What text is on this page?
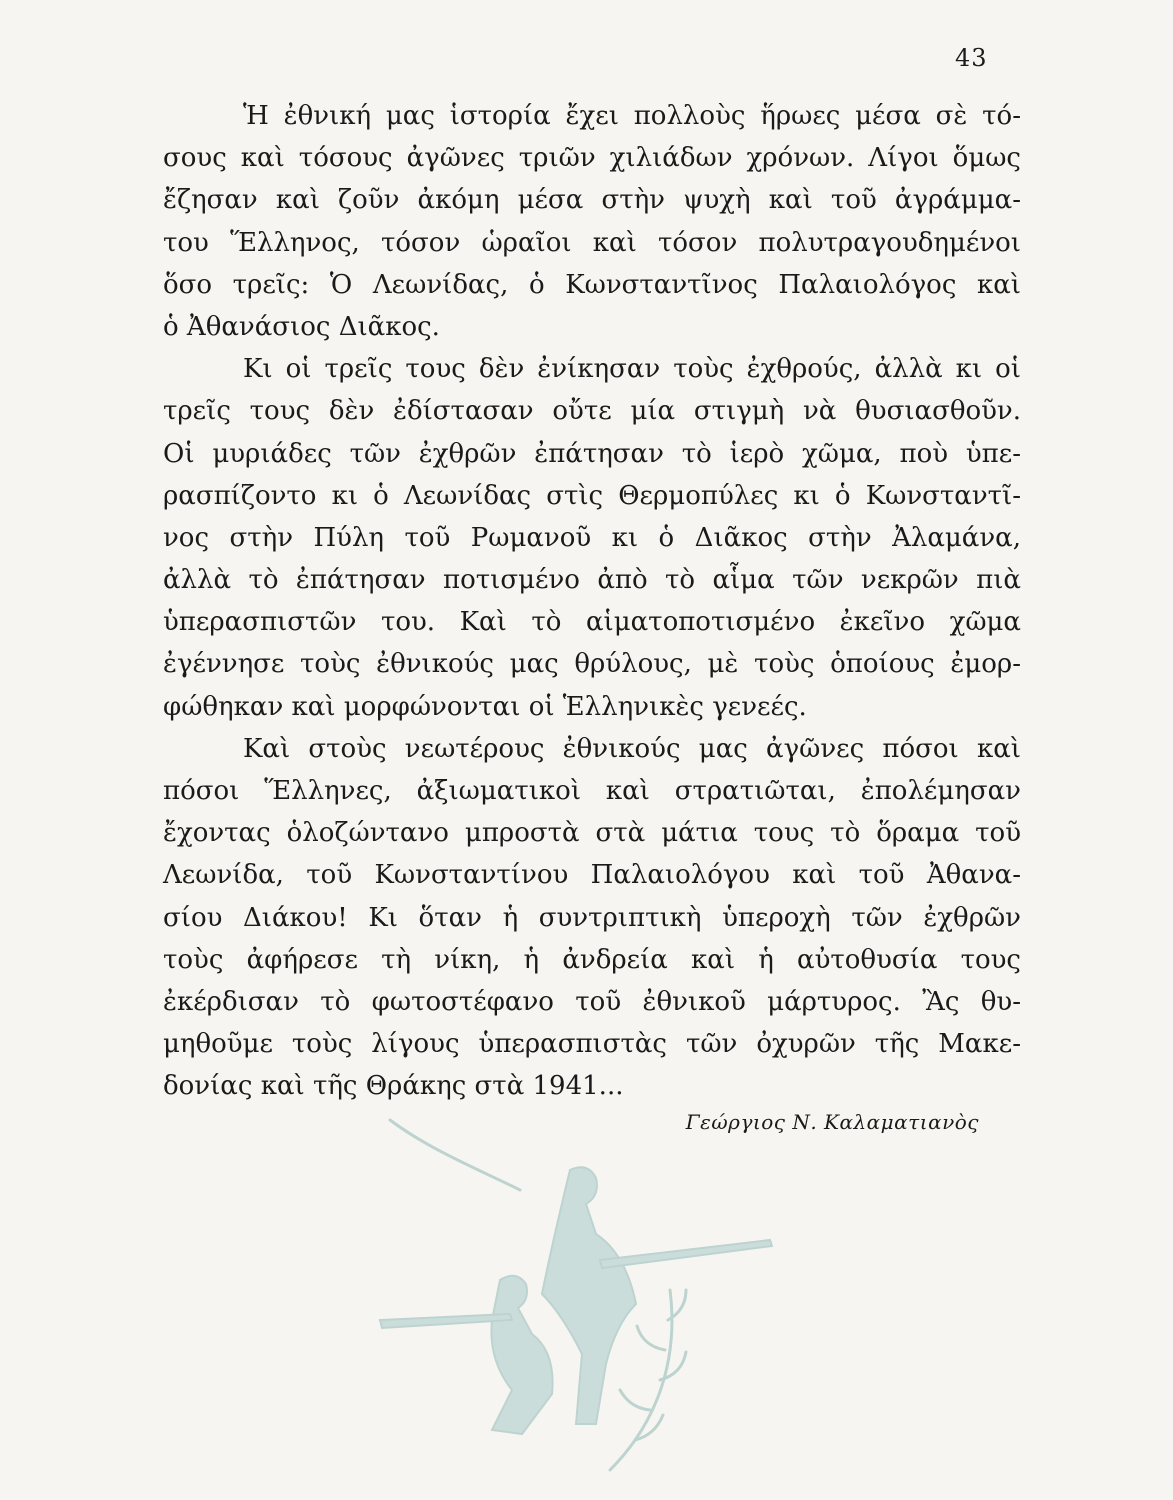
43
Ἡ ἐθνική μας ἱστορία ἔχει πολλοὺς ἥρωες μέσα σὲ τό-
σους καὶ τόσους ἀγῶνες τριῶν χιλιάδων χρόνων. Λίγοι ὅμως
ἔζησαν καὶ ζοῦν ἀκόμη μέσα στὴν ψυχὴ καὶ τοῦ ἀγράμμα-
του Ἕλληνος, τόσον ὡραῖοι καὶ τόσον πολυτραγουδημένοι
ὅσο τρεῖς: Ὁ Λεωνίδας, ὁ Κωνσταντῖνος Παλαιολόγος καὶ
ὁ Ἀθανάσιος Διᾶκος.
Κι οἱ τρεῖς τους δὲν ἐνίκησαν τοὺς ἐχθρούς, ἀλλὰ κι οἱ
τρεῖς τους δὲν ἐδίστασαν οὔτε μία στιγμὴ νὰ θυσιασθοῦν.
Οἱ μυριάδες τῶν ἐχθρῶν ἐπάτησαν τὸ ἱερὸ χῶμα, ποὺ ὑπε-
ρασπίζοντο κι ὁ Λεωνίδας στὶς Θερμοπύλες κι ὁ Κωνσταντῖ-
νος στὴν Πύλη τοῦ Ρωμανοῦ κι ὁ Διᾶκος στὴν Ἀλαμάνα,
ἀλλὰ τὸ ἐπάτησαν ποτισμένο ἀπὸ τὸ αἷμα τῶν νεκρῶν πιὰ
ὑπερασπιστῶν του. Καὶ τὸ αἱματοποτισμένο ἐκεῖνο χῶμα
ἐγέννησε τοὺς ἐθνικούς μας θρύλους, μὲ τοὺς ὁποίους ἐμορ-
φώθηκαν καὶ μορφώνονται οἱ Ἑλληνικὲς γενεές.
Καὶ στοὺς νεωτέρους ἐθνικούς μας ἀγῶνες πόσοι καὶ
πόσοι Ἕλληνες, ἀξιωματικοὶ καὶ στρατιῶται, ἐπολέμησαν
ἔχοντας ὁλοζώντανο μπροστὰ στὰ μάτια τους τὸ ὅραμα τοῦ
Λεωνίδα, τοῦ Κωνσταντίνου Παλαιολόγου καὶ τοῦ Ἀθανα-
σίου Διάκου! Κι ὅταν ἡ συντριπτικὴ ὑπεροχὴ τῶν ἐχθρῶν
τοὺς ἀφήρεσε τὴ νίκη, ἡ ἀνδρεία καὶ ἡ αὐτοθυσία τους
ἐκέρδισαν τὸ φωτοστέφανο τοῦ ἐθνικοῦ μάρτυρος. Ἂς θυ-
μηθοῦμε τοὺς λίγους ὑπερασπιστὰς τῶν ὀχυρῶν τῆς Μακε-
δονίας καὶ τῆς Θράκης στὰ 1941...
Γεώργιος Ν. Καλαματιανὸς
